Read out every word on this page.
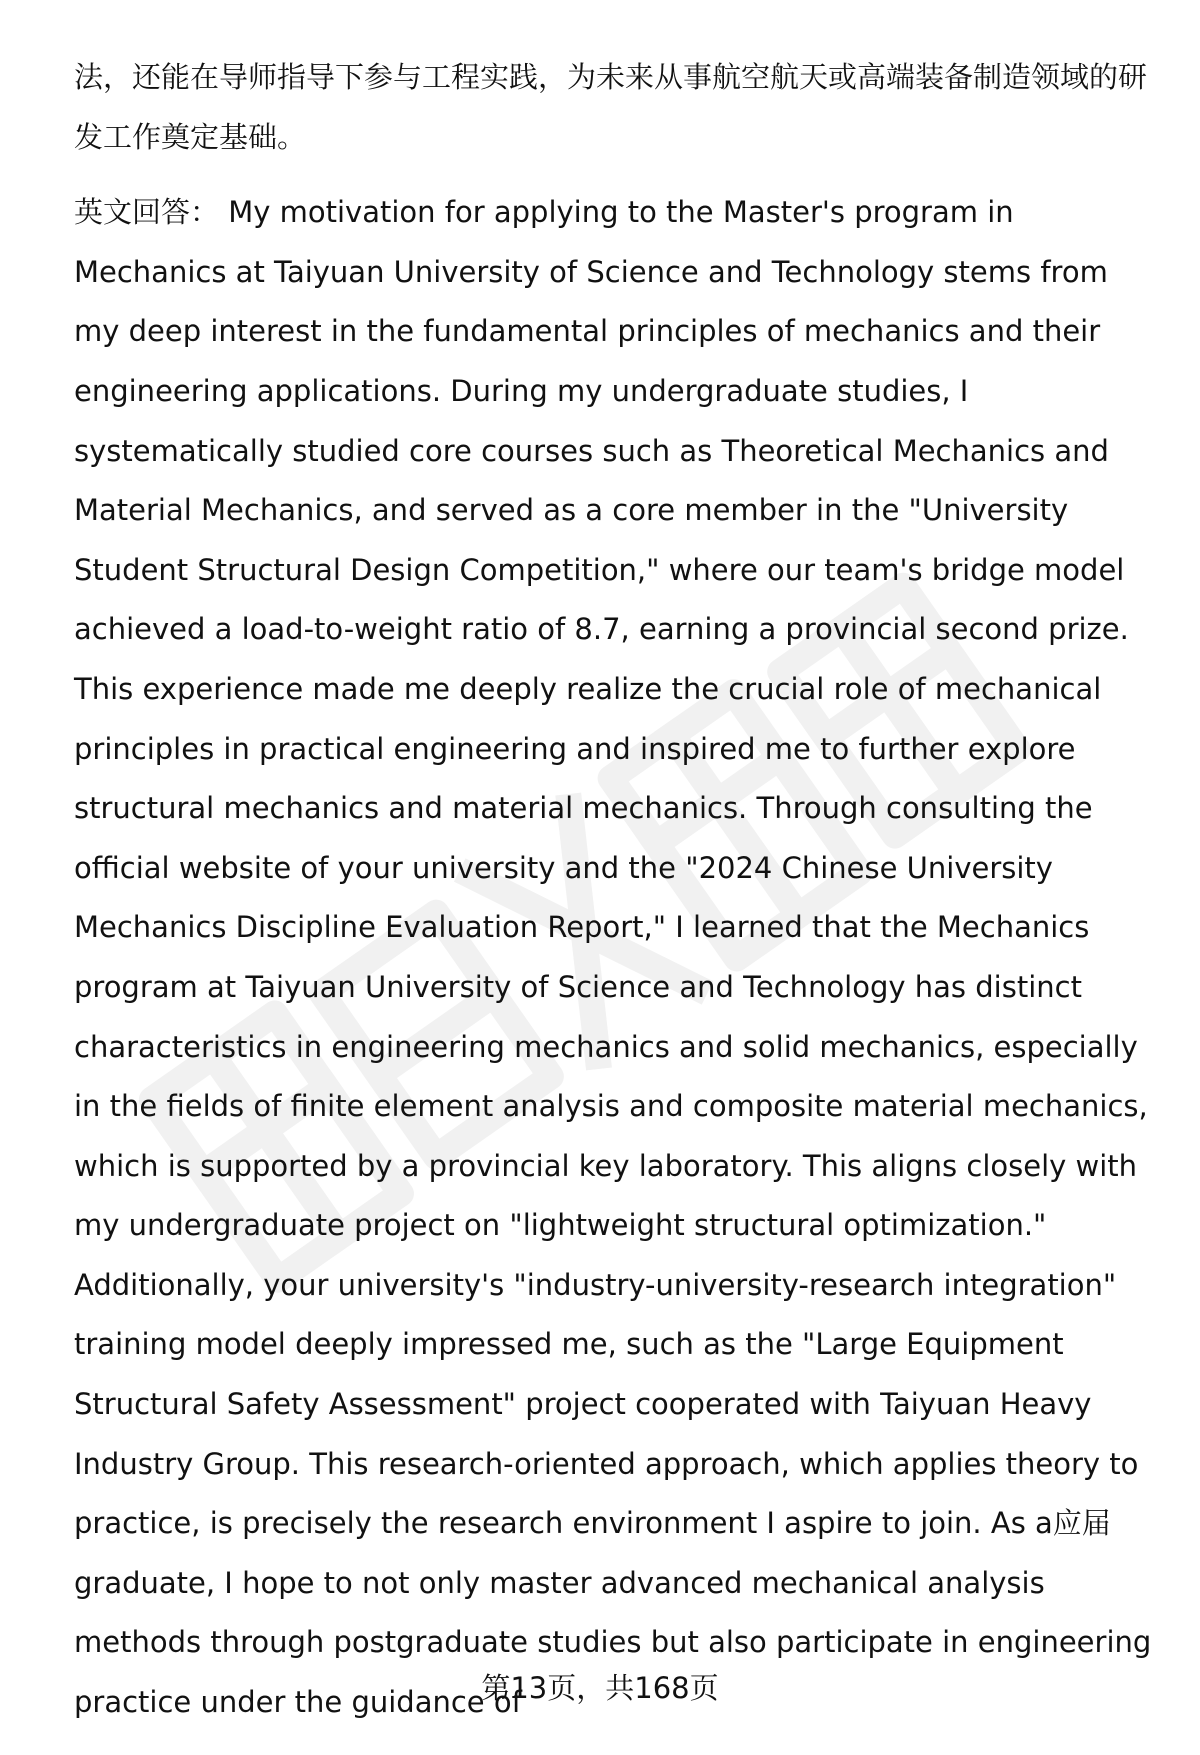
法，还能在导师指导下参与工程实践，为未来从事航空航天或高端装备制造领域的研发工作奠定基础。

英文回答： My motivation for applying to the Master's program in Mechanics at Taiyuan University of Science and Technology stems from my deep interest in the fundamental principles of mechanics and their engineering applications. During my undergraduate studies, I systematically studied core courses such as Theoretical Mechanics and Material Mechanics, and served as a core member in the "University Student Structural Design Competition," where our team's bridge model achieved a load-to-weight ratio of 8.7, earning a provincial second prize. This experience made me deeply realize the crucial role of mechanical principles in practical engineering and inspired me to further explore structural mechanics and material mechanics. Through consulting the official website of your university and the "2024 Chinese University Mechanics Discipline Evaluation Report," I learned that the Mechanics program at Taiyuan University of Science and Technology has distinct characteristics in engineering mechanics and solid mechanics, especially in the fields of finite element analysis and composite material mechanics, which is supported by a provincial key laboratory. This aligns closely with my undergraduate project on "lightweight structural optimization." Additionally, your university's "industry-university-research integration" training model deeply impressed me, such as the "Large Equipment Structural Safety Assessment" project cooperated with Taiyuan Heavy Industry Group. This research-oriented approach, which applies theory to practice, is precisely the research environment I aspire to join. As a应届 graduate, I hope to not only master advanced mechanical analysis methods through postgraduate studies but also participate in engineering practice under the guidance of

第13页，共168页
